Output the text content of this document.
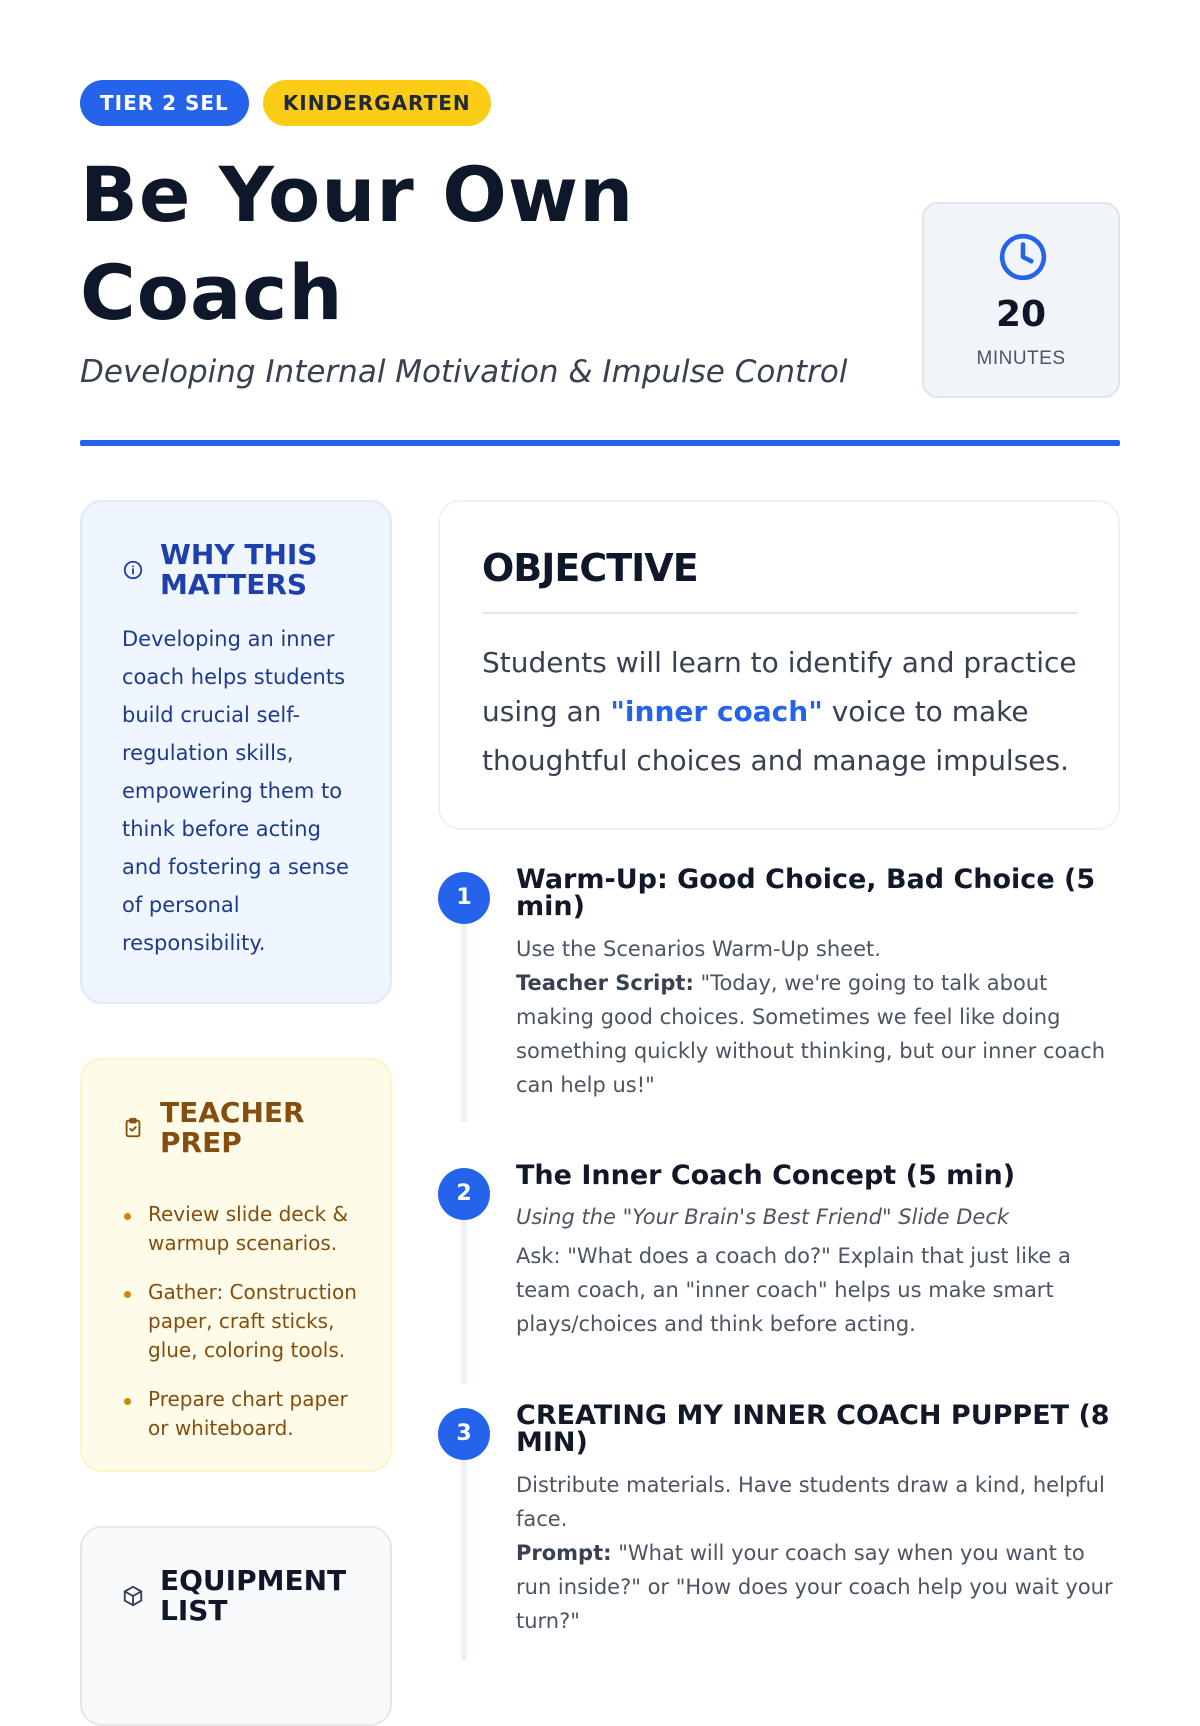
TIER 2 SEL	KINDERGARTEN
Be Your Own Coach
Developing Internal Motivation & Impulse Control
20
MINUTES
WHY THIS MATTERS

Developing an inner coach helps students build crucial self-regulation skills, empowering them to think before acting and fostering a sense of personal responsibility.

TEACHER PREP
Review slide deck & warmup scenarios.
Gather: Construction paper, craft sticks, glue, coloring tools.
Prepare chart paper or whiteboard.
EQUIPMENT LIST
OBJECTIVE

Students will learn to identify and practice using an "inner coach" voice to make thoughtful choices and manage impulses.

1
Warm-Up: Good Choice, Bad Choice (5 min)

Use the Scenarios Warm-Up sheet.

Teacher Script: "Today, we're going to talk about making good choices. Sometimes we feel like doing something quickly without thinking, but our inner coach can help us!"

2
The Inner Coach Concept (5 min)

Using the "Your Brain's Best Friend" Slide Deck

Ask: "What does a coach do?" Explain that just like a team coach, an "inner coach" helps us make smart plays/choices and think before acting.

3
CREATING MY INNER COACH PUPPET (8 MIN)

Distribute materials. Have students draw a kind, helpful face.

Prompt: "What will your coach say when you want to run inside?" or "How does your coach help you wait your turn?"
